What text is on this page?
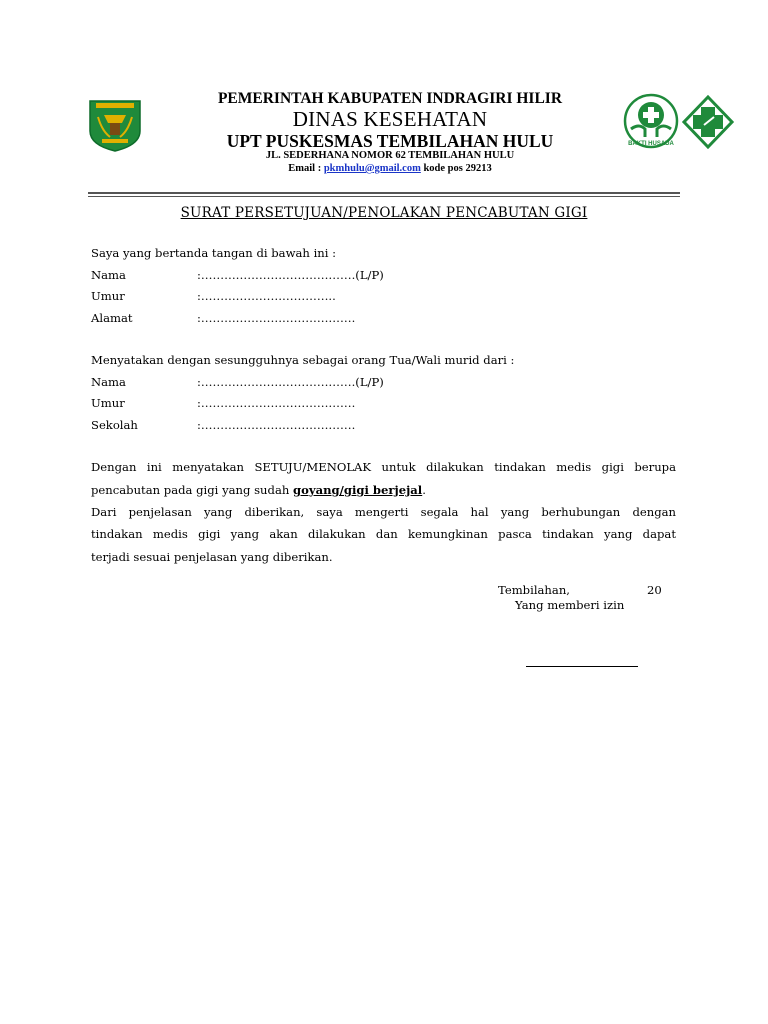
BAKTI HUSADA
PEMERINTAH KABUPATEN INDRAGIRI HILIR
DINAS KESEHATAN
UPT PUSKESMAS TEMBILAHAN HULU
JL. SEDERHANA NOMOR 62 TEMBILAHAN HULU
Email : pkmhulu@gmail.com kode pos 29213
SURAT PERSETUJUAN/PENOLAKAN PENCABUTAN GIGI
Saya yang bertanda tangan di bawah ini :
Nama	:………………………………….(L/P)
Umur	:……………………………..
Alamat	:………………………………….
Menyatakan dengan sesungguhnya sebagai orang Tua/Wali murid dari :
Nama	:………………………………….(L/P)
Umur	:………………………………….
Sekolah	:………………………………….
Dengan ini menyatakan SETUJU/MENOLAK untuk dilakukan tindakan medis gigi berupa
pencabutan pada gigi yang sudah goyang/gigi berjejal.
Dari penjelasan yang diberikan, saya mengerti segala hal yang berhubungan dengan
tindakan medis gigi yang akan dilakukan dan kemungkinan pasca tindakan yang dapat
terjadi sesuai penjelasan yang diberikan.
Tembilahan,	20
Yang memberi izin
